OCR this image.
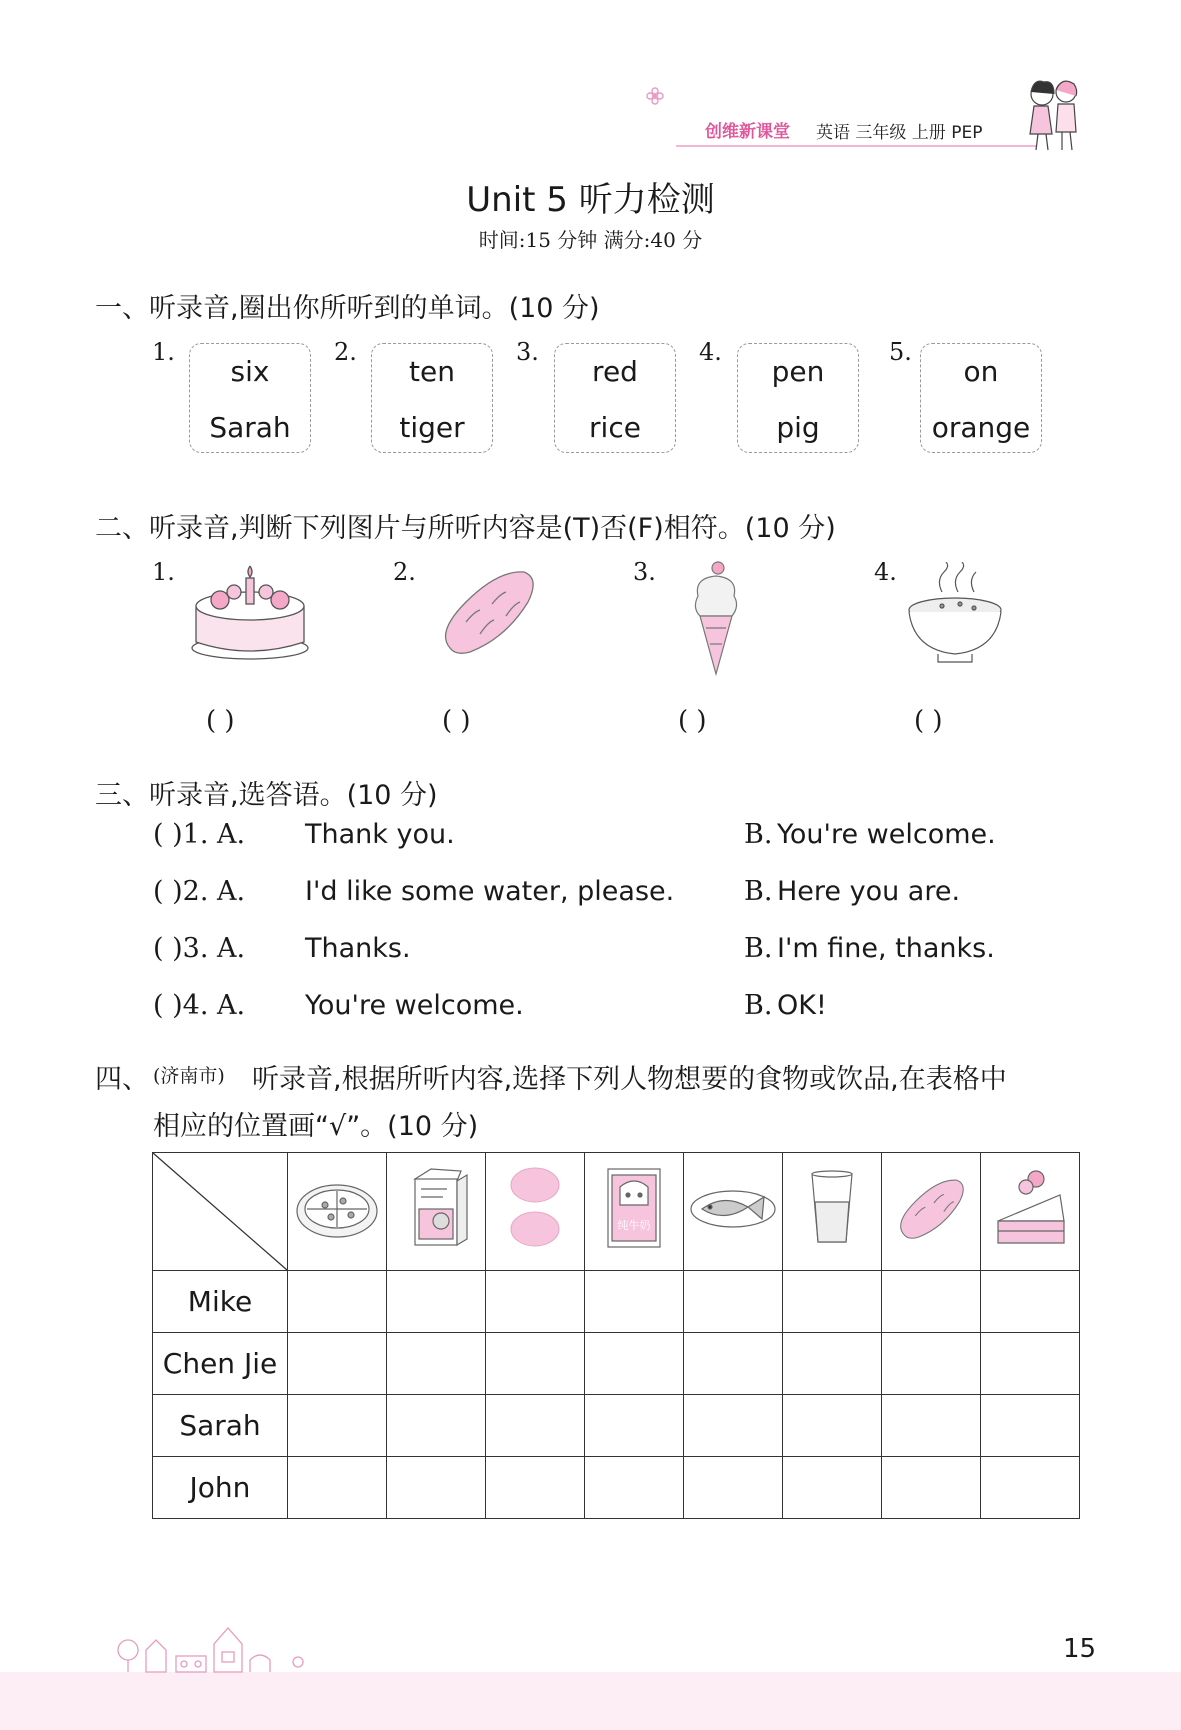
创维新课堂 英语 三年级 上册 PEP
Unit 5 听力检测
时间:15 分钟 满分:40 分
一、听录音,圈出你所听到的单词。(10 分)
1.
six
Sarah
2.
ten
tiger
3.
red
rice
4.
pen
pig
5.
on
orange
二、听录音,判断下列图片与所听内容是(T)否(F)相符。(10 分)
1.
( )
2.
( )
3.
( )
4.
( )
三、听录音,选答语。(10 分)
( )1. A. Thank you.	B. You're welcome.
( )2. A. I'd like some water, please.	B. Here you are.
( )3. A. Thanks.	B. I'm fine, thanks.
( )4. A. You're welcome.	B. OK!
四、 (济南市) 听录音,根据所听内容,选择下列人物想要的食物或饮品,在表格中
相应的位置画“√”。(10 分)

纯牛奶

Mike								
Chen Jie								
Sarah								
John								
15
